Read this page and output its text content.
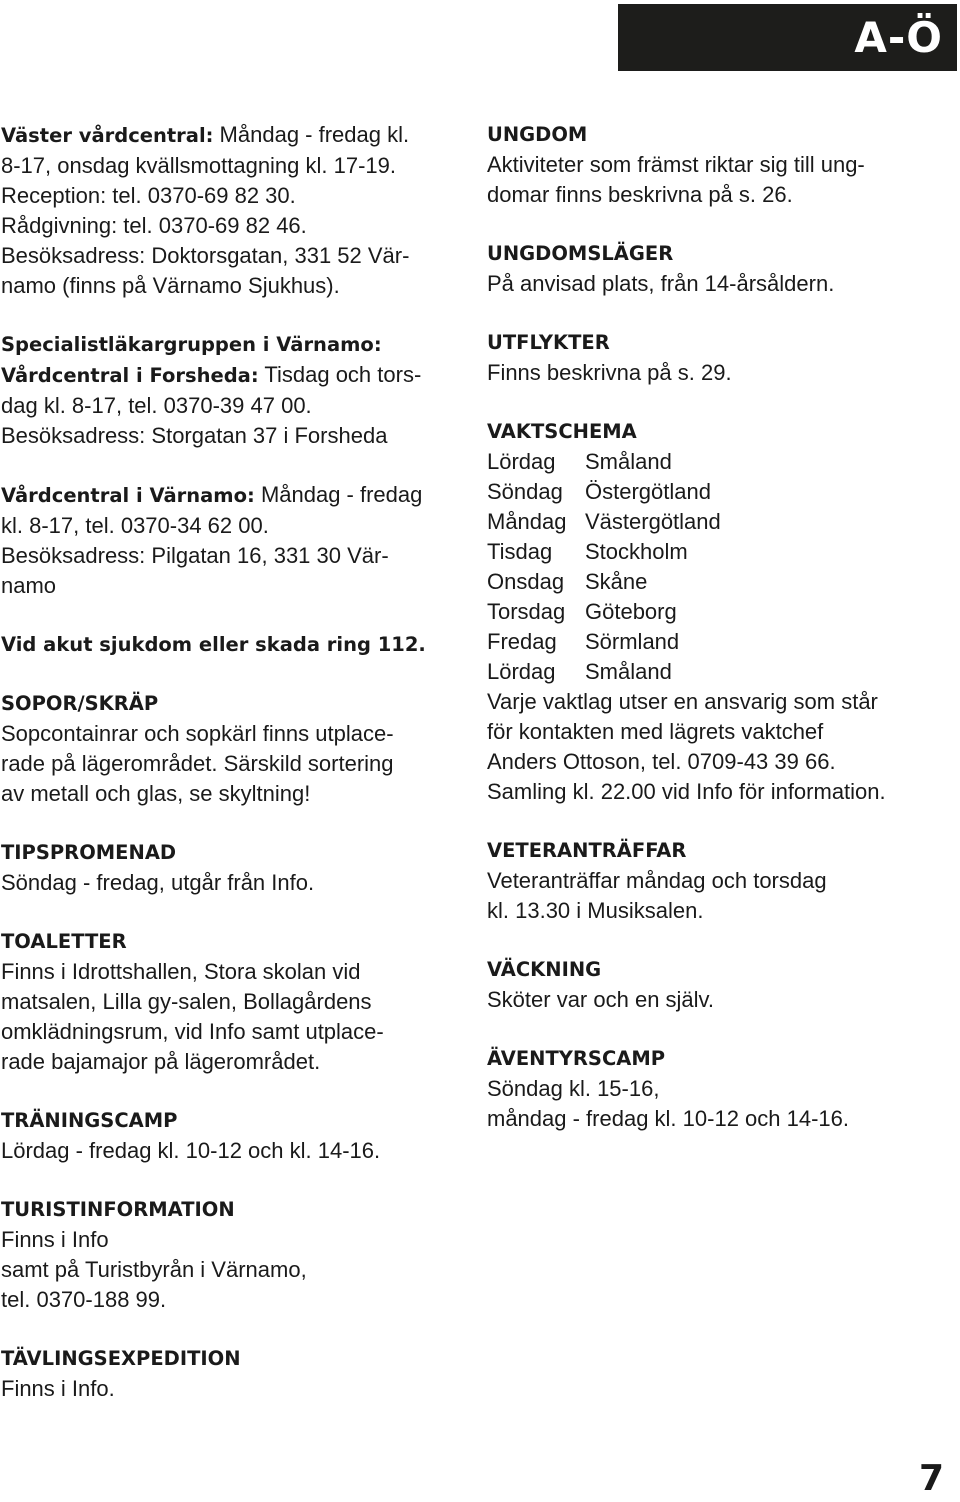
A-Ö

Väster vårdcentral: Måndag - fredag kl.

8-17, onsdag kvällsmottagning kl. 17-19.

Reception: tel. 0370-69 82 30.

Rådgivning: tel. 0370-69 82 46.

Besöksadress: Doktorsgatan, 331 52 Vär-

namo (finns på Värnamo Sjukhus).

Specialistläkargruppen i Värnamo:

Vårdcentral i Forsheda: Tisdag och tors-

dag kl. 8-17, tel. 0370-39 47 00.

Besöksadress: Storgatan 37 i Forsheda

Vårdcentral i Värnamo: Måndag - fredag

kl. 8-17, tel. 0370-34 62 00.

Besöksadress: Pilgatan 16, 331 30 Vär-

namo

Vid akut sjukdom eller skada ring 112.
SOPOR/SKRÄP

Sopcontainrar och sopkärl finns utplace-

rade på lägerområdet. Särskild sortering

av metall och glas, se skyltning!

TIPSPROMENAD

Söndag - fredag, utgår från Info.

TOALETTER

Finns i Idrottshallen, Stora skolan vid

matsalen, Lilla gy-salen, Bollagårdens

omklädningsrum, vid Info samt utplace-

rade bajamajor på lägerområdet.

TRÄNINGSCAMP

Lördag - fredag kl. 10-12 och kl. 14-16.

TURISTINFORMATION

Finns i Info

samt på Turistbyrån i Värnamo,

tel. 0370-188 99.

TÄVLINGSEXPEDITION

Finns i Info.

UNGDOM

Aktiviteter som främst riktar sig till ung-

domar finns beskrivna på s. 26.

UNGDOMSLÄGER

På anvisad plats, från 14-årsåldern.

UTFLYKTER

Finns beskrivna på s. 29.

VAKTSCHEMA
Lördag	Småland
Söndag	Östergötland
Måndag Västergötland
Tisdag	Stockholm
Onsdag Skåne
Torsdag Göteborg
Fredag	Sörmland
Lördag	Småland

Varje vaktlag utser en ansvarig som står

för kontakten med lägrets vaktchef

Anders Ottoson, tel. 0709-43 39 66.

Samling kl. 22.00 vid Info för information.

VETERANTRÄFFAR

Veteranträffar måndag och torsdag

kl. 13.30 i Musiksalen.

VÄCKNING

Sköter var och en själv.

ÄVENTYRSCAMP

Söndag kl. 15-16,

måndag - fredag kl. 10-12 och 14-16.

7
